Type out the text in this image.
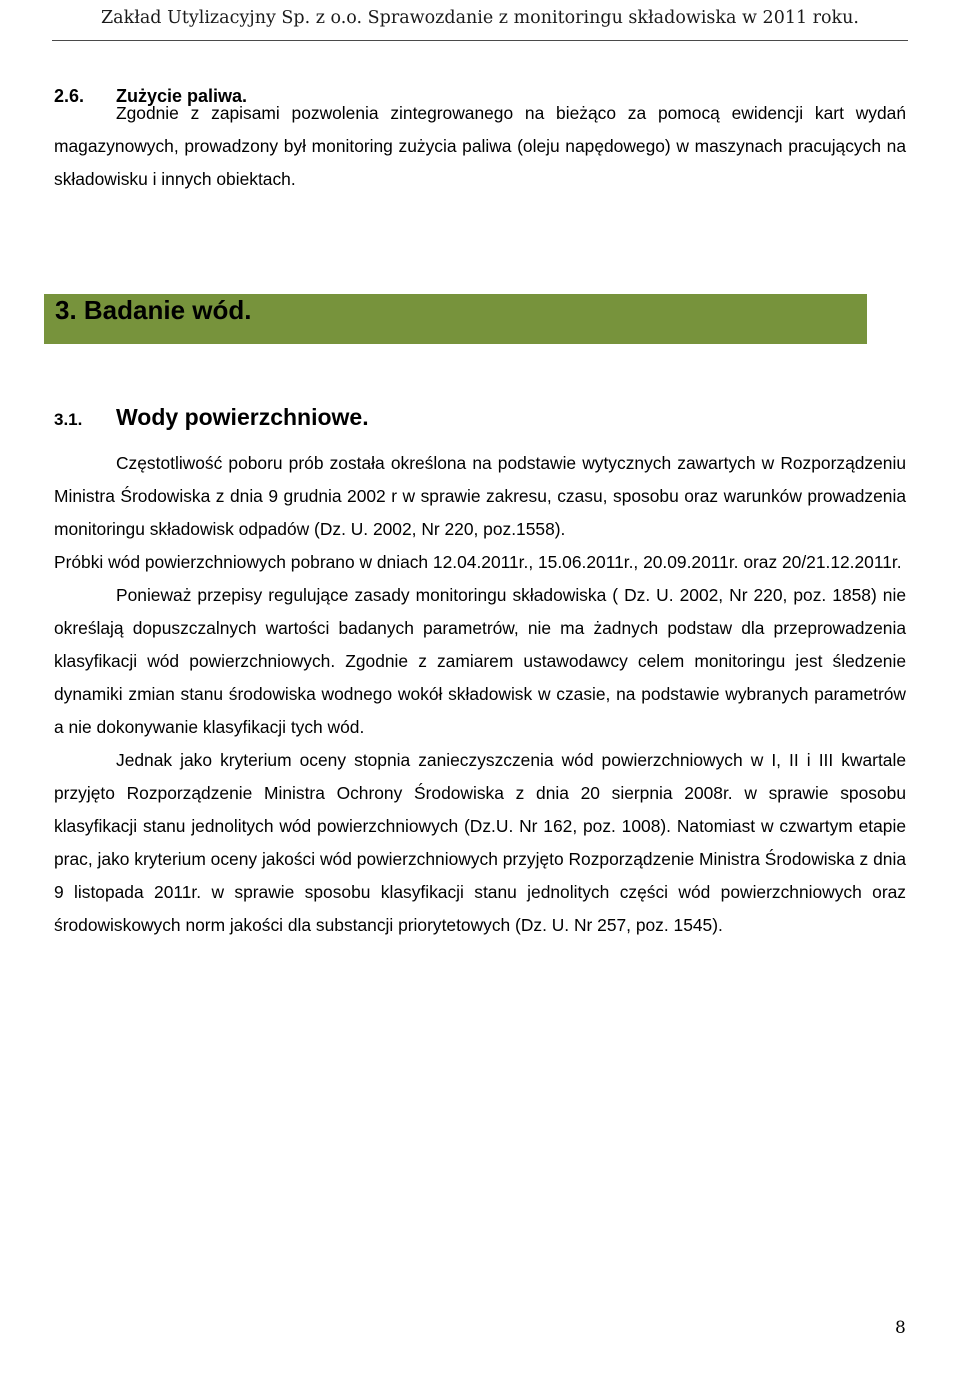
Zakład Utylizacyjny Sp. z o.o. Sprawozdanie z monitoringu składowiska w 2011 roku.
2.6. Zużycie paliwa.

Zgodnie z zapisami pozwolenia zintegrowanego na bieżąco za pomocą ewidencji kart wydań magazynowych, prowadzony był monitoring zużycia paliwa (oleju napędowego) w maszynach pracujących na składowisku i innych obiektach.

3. Badanie wód.
3.1. Wody powierzchniowe.

Częstotliwość poboru prób została określona na podstawie wytycznych zawartych w Rozporządzeniu Ministra Środowiska z dnia 9 grudnia 2002 r w sprawie zakresu, czasu, sposobu oraz warunków prowadzenia monitoringu składowisk odpadów (Dz. U. 2002, Nr 220, poz.1558).
Próbki wód powierzchniowych pobrano w dniach 12.04.2011r., 15.06.2011r., 20.09.2011r. oraz 20/21.12.2011r.
Ponieważ przepisy regulujące zasady monitoringu składowiska ( Dz. U. 2002, Nr 220, poz. 1858) nie określają dopuszczalnych wartości badanych parametrów, nie ma żadnych podstaw dla przeprowadzenia klasyfikacji wód powierzchniowych. Zgodnie z zamiarem ustawodawcy celem monitoringu jest śledzenie dynamiki zmian stanu środowiska wodnego wokół składowisk w czasie, na podstawie wybranych parametrów a nie dokonywanie klasyfikacji tych wód.
Jednak jako kryterium oceny stopnia zanieczyszczenia wód powierzchniowych w I, II i III kwartale przyjęto Rozporządzenie Ministra Ochrony Środowiska z dnia 20 sierpnia 2008r. w sprawie sposobu klasyfikacji stanu jednolitych wód powierzchniowych (Dz.U. Nr 162, poz. 1008). Natomiast w czwartym etapie prac, jako kryterium oceny jakości wód powierzchniowych przyjęto Rozporządzenie Ministra Środowiska z dnia 9 listopada 2011r. w sprawie sposobu klasyfikacji stanu jednolitych części wód powierzchniowych oraz środowiskowych norm jakości dla substancji priorytetowych (Dz. U. Nr 257, poz. 1545).

8
